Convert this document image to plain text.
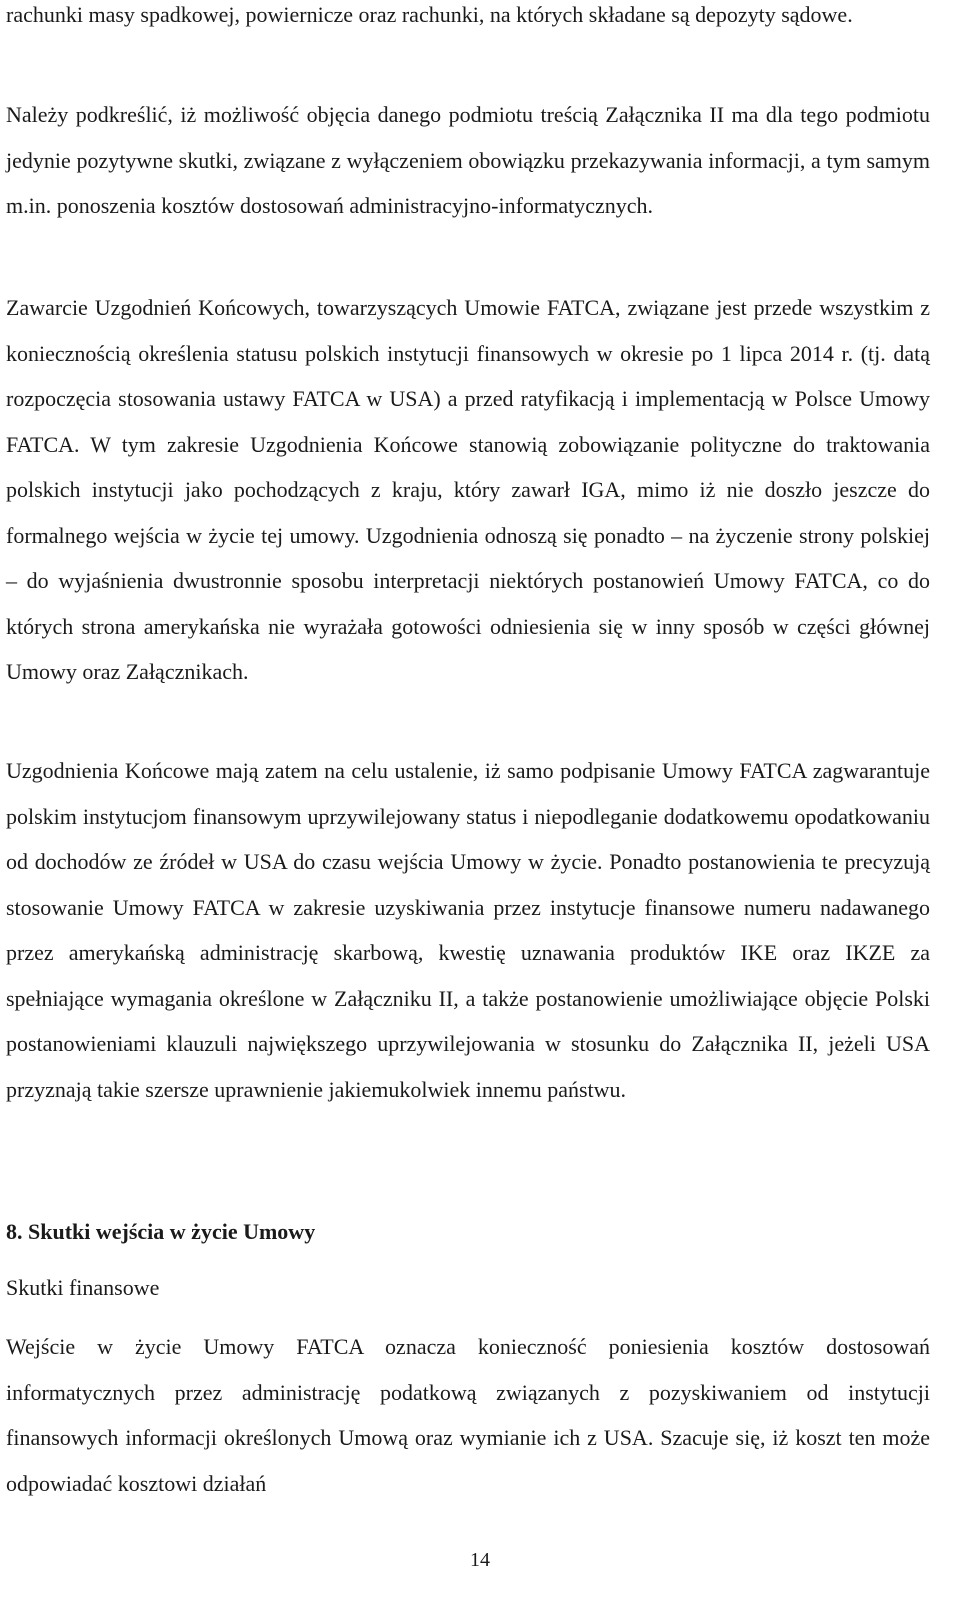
rachunki masy spadkowej, powiernicze oraz rachunki, na których składane są depozyty sądowe.

Należy podkreślić, iż możliwość objęcia danego podmiotu treścią Załącznika II ma dla tego podmiotu jedynie pozytywne skutki, związane z wyłączeniem obowiązku przekazywania informacji, a tym samym m.in. ponoszenia kosztów dostosowań administracyjno-informatycznych.

Zawarcie Uzgodnień Końcowych, towarzyszących Umowie FATCA, związane jest przede wszystkim z koniecznością określenia statusu polskich instytucji finansowych w okresie po 1 lipca 2014 r. (tj. datą rozpoczęcia stosowania ustawy FATCA w USA) a przed ratyfikacją i implementacją w Polsce Umowy FATCA. W tym zakresie Uzgodnienia Końcowe stanowią zobowiązanie polityczne do traktowania polskich instytucji jako pochodzących z kraju, który zawarł IGA, mimo iż nie doszło jeszcze do formalnego wejścia w życie tej umowy. Uzgodnienia odnoszą się ponadto – na życzenie strony polskiej – do wyjaśnienia dwustronnie sposobu interpretacji niektórych postanowień Umowy FATCA, co do których strona amerykańska nie wyrażała gotowości odniesienia się w inny sposób w części głównej Umowy oraz Załącznikach.

Uzgodnienia Końcowe mają zatem na celu ustalenie, iż samo podpisanie Umowy FATCA zagwarantuje polskim instytucjom finansowym uprzywilejowany status i niepodleganie dodatkowemu opodatkowaniu od dochodów ze źródeł w USA do czasu wejścia Umowy w życie. Ponadto postanowienia te precyzują stosowanie Umowy FATCA w zakresie uzyskiwania przez instytucje finansowe numeru nadawanego przez amerykańską administrację skarbową, kwestię uznawania produktów IKE oraz IKZE za spełniające wymagania określone w Załączniku II, a także postanowienie umożliwiające objęcie Polski postanowieniami klauzuli największego uprzywilejowania w stosunku do Załącznika II, jeżeli USA przyznają takie szersze uprawnienie jakiemukolwiek innemu państwu.

8. Skutki wejścia w życie Umowy

Skutki finansowe

Wejście w życie Umowy FATCA oznacza konieczność poniesienia kosztów dostosowań informatycznych przez administrację podatkową związanych z pozyskiwaniem od instytucji finansowych informacji określonych Umową oraz wymianie ich z USA. Szacuje się, iż koszt ten może odpowiadać kosztowi działań

14
